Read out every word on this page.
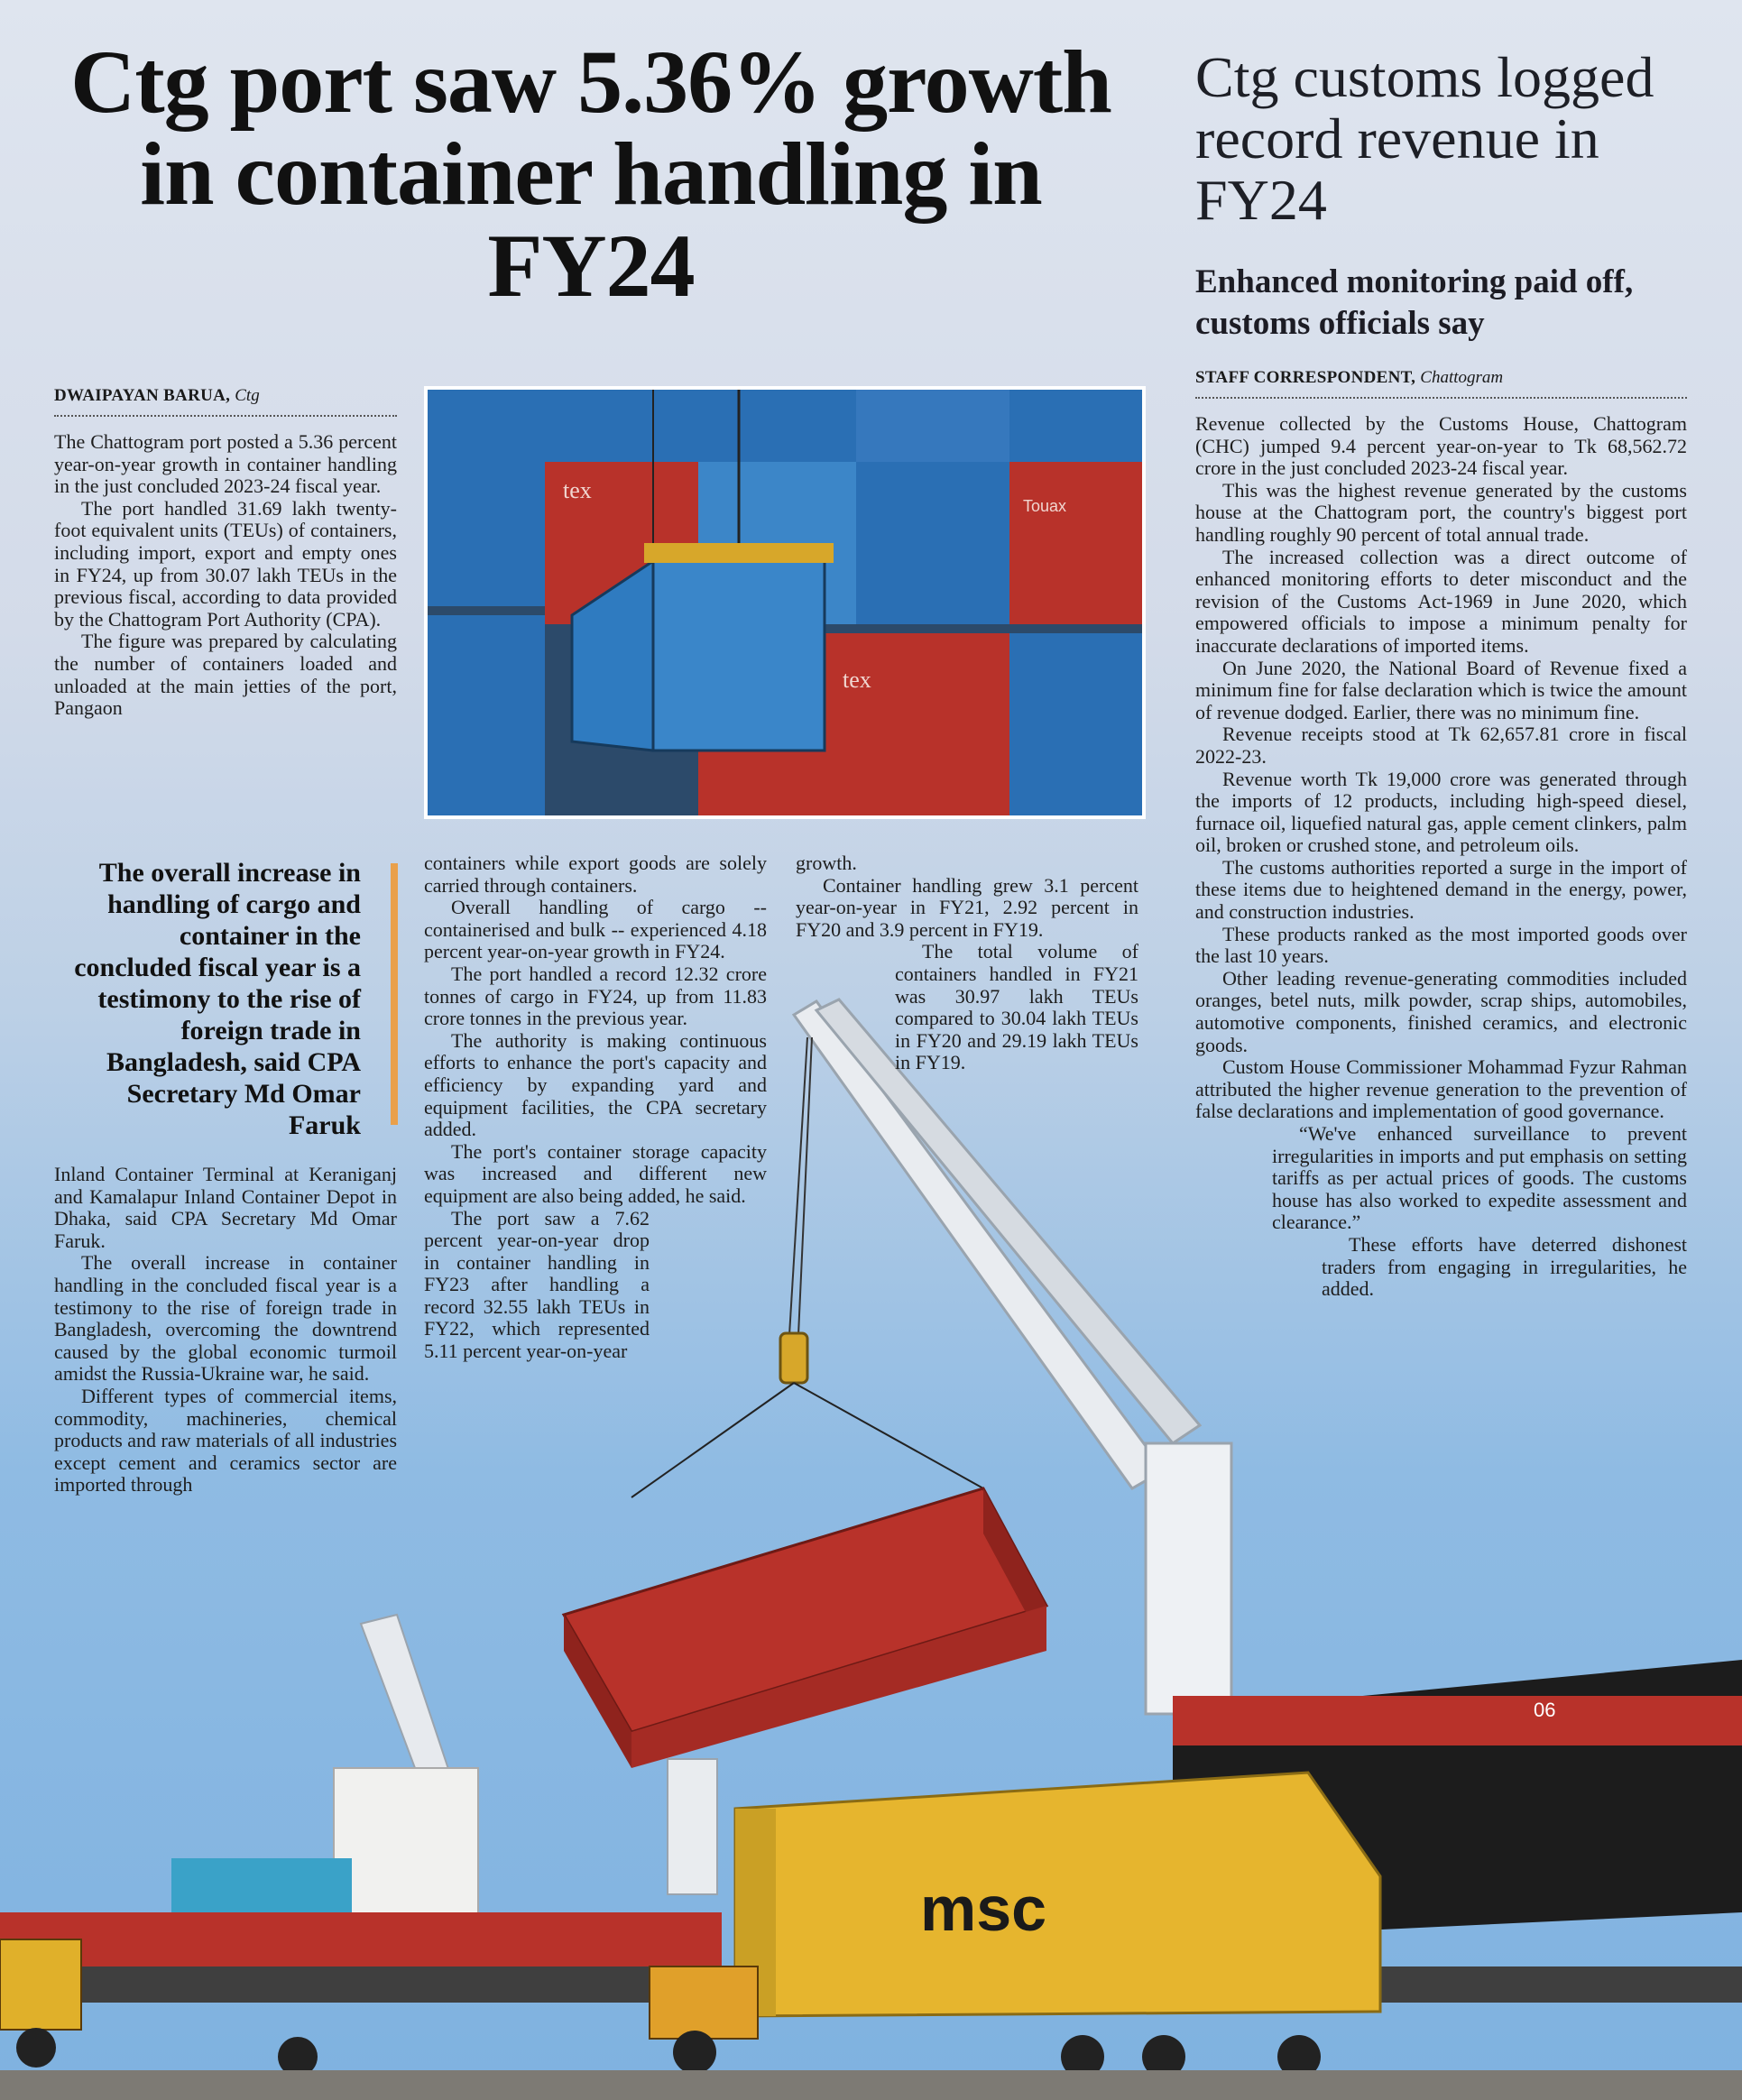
06
msc
Ctg port saw 5.36% growth in container handling in FY24
DWAIPAYAN BARUA, Ctg

The Chattogram port posted a 5.36 percent year-on-year growth in container handling in the just concluded 2023-24 fiscal year.

The port handled 31.69 lakh twenty-foot equivalent units (TEUs) of containers, including import, export and empty ones in FY24, up from 30.07 lakh TEUs in the previous fiscal, according to data provided by the Chattogram Port Authority (CPA).

The figure was prepared by calculating the number of containers loaded and unloaded at the main jetties of the port, Pangaon

tex
Touax
tex
The overall increase in handling of cargo and container in the concluded fiscal year is a testimony to the rise of foreign trade in Bangladesh, said CPA Secretary Md Omar Faruk

Inland Container Terminal at Keraniganj and Kamalapur Inland Container Depot in Dhaka, said CPA Secretary Md Omar Faruk.

The overall increase in container handling in the concluded fiscal year is a testimony to the rise of foreign trade in Bangladesh, overcoming the downtrend caused by the global economic turmoil amidst the Russia-Ukraine war, he said.

Different types of commercial items, commodity, machineries, chemical products and raw materials of all industries except cement and ceramics sector are imported through

containers while export goods are solely carried through containers.

Overall handling of cargo -- containerised and bulk -- experienced 4.18 percent year-on-year growth in FY24.

The port handled a record 12.32 crore tonnes of cargo in FY24, up from 11.83 crore tonnes in the previous year.

The authority is making continuous efforts to enhance the port's capacity and efficiency by expanding yard and equipment facilities, the CPA secretary added.

The port's container storage capacity was increased and different new equipment are also being added, he said.

The port saw a 7.62 percent year-on-year drop in container handling in FY23 after handling a record 32.55 lakh TEUs in FY22, which represented 5.11 percent year-on-year

growth.

Container handling grew 3.1 percent year-on-year in FY21, 2.92 percent in FY20 and 3.9 percent in FY19.

The total volume of containers handled in FY21 was 30.97 lakh TEUs compared to 30.04 lakh TEUs in FY20 and 29.19 lakh TEUs in FY19.

Ctg customs logged record revenue in FY24
Enhanced monitoring paid off, customs officials say
STAFF CORRESPONDENT, Chattogram

Revenue collected by the Customs House, Chattogram (CHC) jumped 9.4 percent year-on-year to Tk 68,562.72 crore in the just concluded 2023-24 fiscal year.

This was the highest revenue generated by the customs house at the Chattogram port, the country's biggest port handling roughly 90 percent of total annual trade.

The increased collection was a direct outcome of enhanced monitoring efforts to deter misconduct and the revision of the Customs Act-1969 in June 2020, which empowered officials to impose a minimum penalty for inaccurate declarations of imported items.

On June 2020, the National Board of Revenue fixed a minimum fine for false declaration which is twice the amount of revenue dodged. Earlier, there was no minimum fine.

Revenue receipts stood at Tk 62,657.81 crore in fiscal 2022-23.

Revenue worth Tk 19,000 crore was generated through the imports of 12 products, including high-speed diesel, furnace oil, liquefied natural gas, apple cement clinkers, palm oil, broken or crushed stone, and petroleum oils.

The customs authorities reported a surge in the import of these items due to heightened demand in the energy, power, and construction industries.

These products ranked as the most imported goods over the last 10 years.

Other leading revenue-generating commodities included oranges, betel nuts, milk powder, scrap ships, automobiles, automotive components, finished ceramics, and electronic goods.

Custom House Commissioner Mohammad Fyzur Rahman attributed the higher revenue generation to the prevention of false declarations and implementation of good governance.

“We've enhanced surveillance to prevent irregularities in imports and put emphasis on setting tariffs as per actual prices of goods. The customs house has also worked to expedite assessment and clearance.”

These efforts have deterred dishonest traders from engaging in irregularities, he added.
